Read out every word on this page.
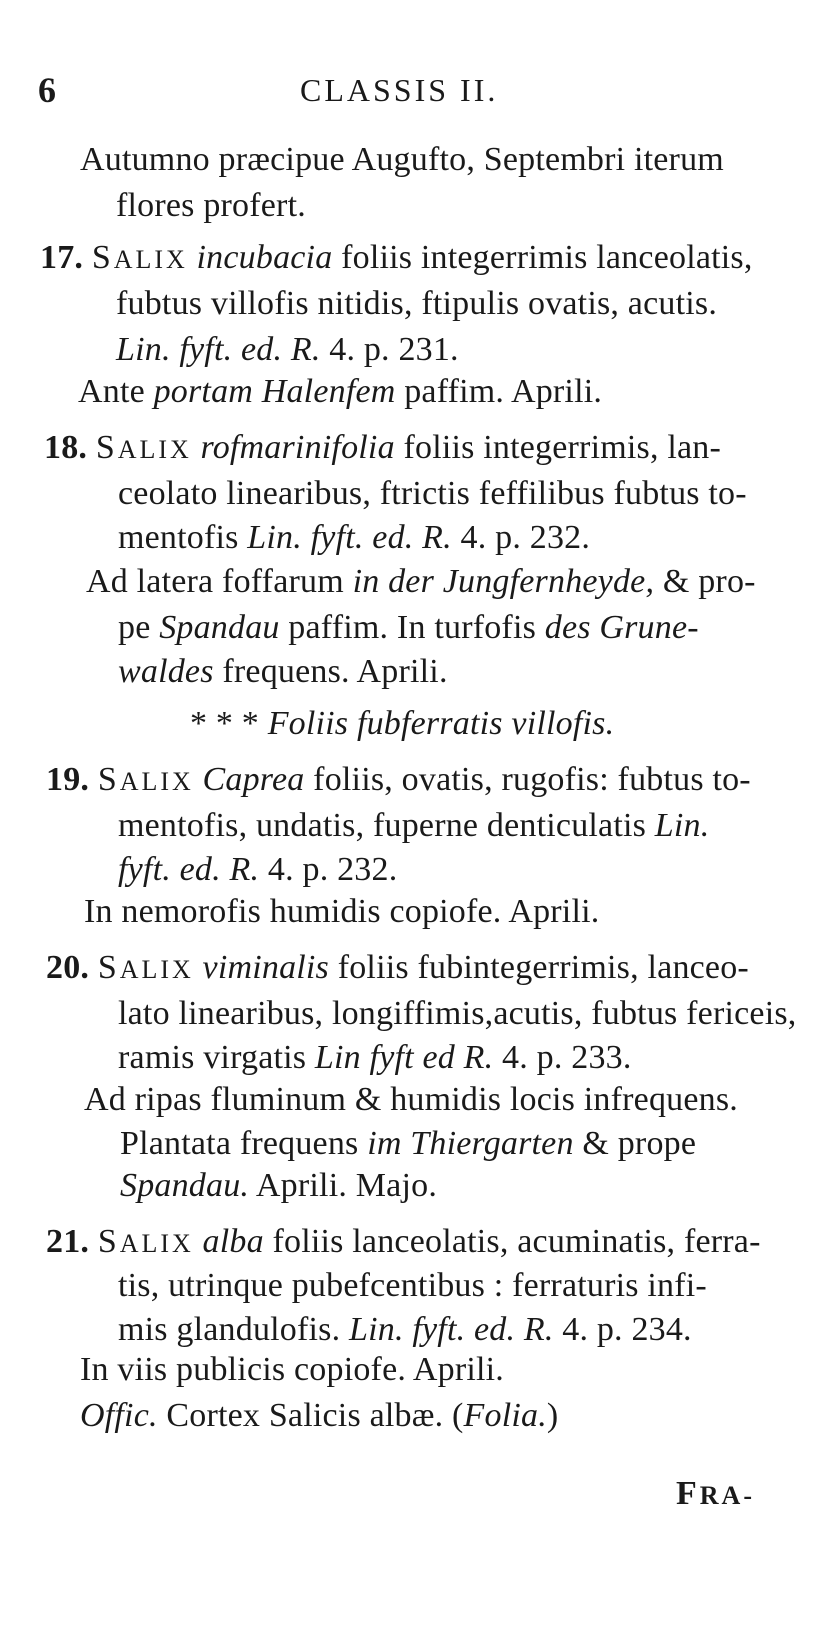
6	CLASSIS II.
Autumno præcipue Augufto, Septembri iterum
flores profert.
17. SALIX incubacia foliis integerrimis lanceolatis,
fubtus villofis nitidis, ftipulis ovatis, acutis.
Lin. fyft. ed. R. 4. p. 231.
Ante portam Halenfem paffim. Aprili.
18. SALIX rofmarinifolia foliis integerrimis, lan-
ceolato linearibus, ftrictis feffilibus fubtus to-
mentofis Lin. fyft. ed. R. 4. p. 232.
Ad latera foffarum in der Jungfernheyde, & pro-
pe Spandau paffim. In turfofis des Grune-
waldes frequens. Aprili.
* * * Foliis fubferratis villofis.
19. SALIX Caprea foliis, ovatis, rugofis: fubtus to-
mentofis, undatis, fuperne denticulatis Lin.
fyft. ed. R. 4. p. 232.
In nemorofis humidis copiofe. Aprili.
20. SALIX viminalis foliis fubintegerrimis, lanceo-
lato linearibus, longiffimis,acutis, fubtus fericeis,
ramis virgatis Lin fyft ed R. 4. p. 233.
Ad ripas fluminum & humidis locis infrequens.
Plantata frequens im Thiergarten & prope
Spandau. Aprili. Majo.
21. SALIX alba foliis lanceolatis, acuminatis, ferra-
tis, utrinque pubefcentibus : ferraturis infi-
mis glandulofis. Lin. fyft. ed. R. 4. p. 234.
In viis publicis copiofe. Aprili.
Offic. Cortex Salicis albæ. (Folia.)
FRA-
